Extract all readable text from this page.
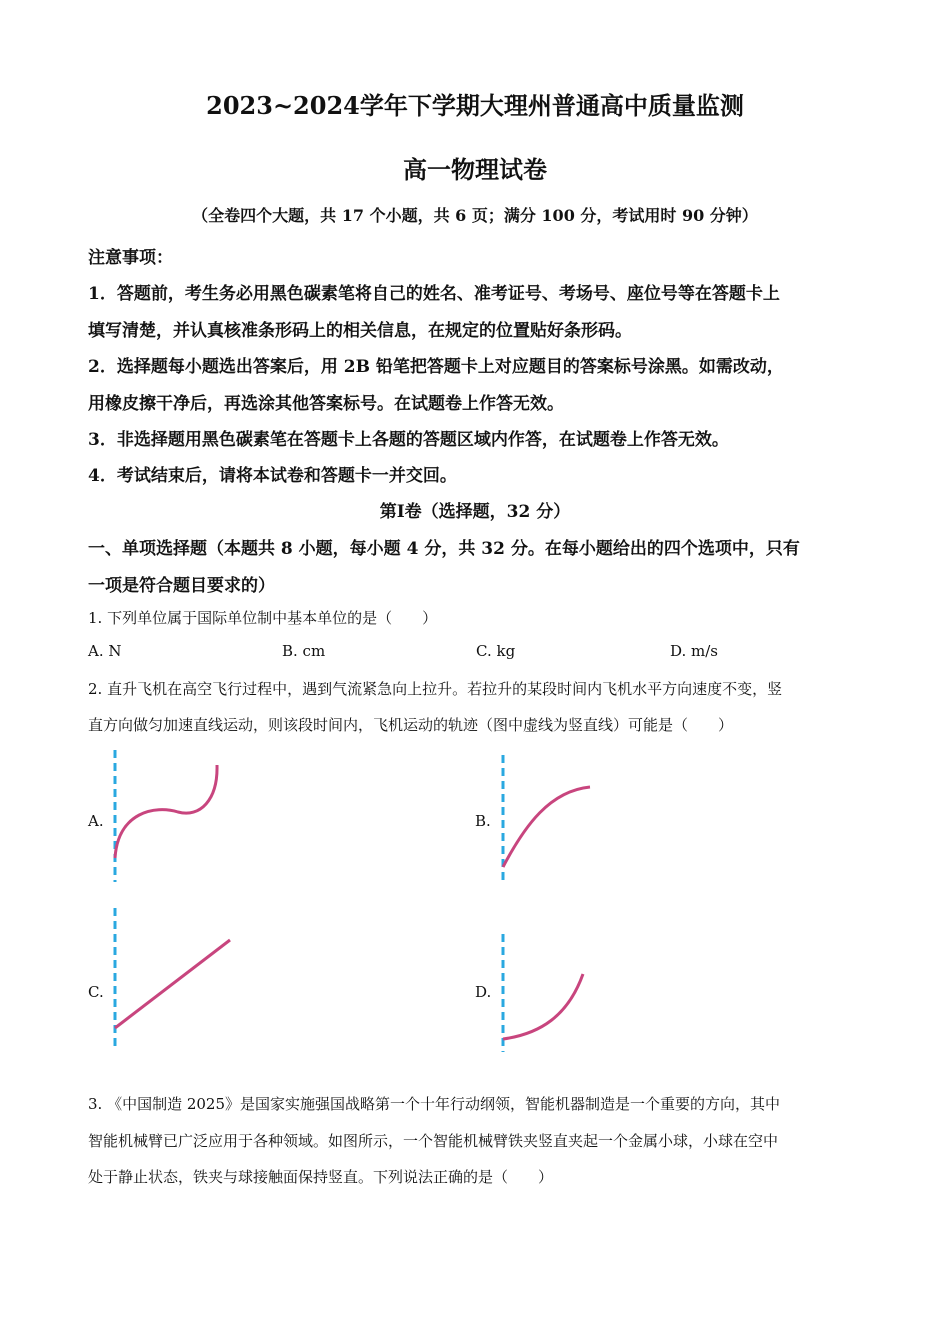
2023~2024学年下学期大理州普通高中质量监测
高一物理试卷
（全卷四个大题，共 17 个小题，共 6 页；满分 100 分，考试用时 90 分钟）
注意事项：
1．答题前，考生务必用黑色碳素笔将自己的姓名、准考证号、考场号、座位号等在答题卡上
填写清楚，并认真核准条形码上的相关信息，在规定的位置贴好条形码。
2．选择题每小题选出答案后，用 2B 铅笔把答题卡上对应题目的答案标号涂黑。如需改动，
用橡皮擦干净后，再选涂其他答案标号。在试题卷上作答无效。
3．非选择题用黑色碳素笔在答题卡上各题的答题区域内作答，在试题卷上作答无效。
4．考试结束后，请将本试卷和答题卡一并交回。
第I卷（选择题，32 分）
一、单项选择题（本题共 8 小题，每小题 4 分，共 32 分。在每小题给出的四个选项中，只有
一项是符合题目要求的）
1. 下列单位属于国际单位制中基本单位的是（　　）
A. N	B. cm	C. kg	D. m/s
2. 直升飞机在高空飞行过程中，遇到气流紧急向上拉升。若拉升的某段时间内飞机水平方向速度不变，竖
直方向做匀加速直线运动，则该段时间内，飞机运动的轨迹（图中虚线为竖直线）可能是（　　）
A.	B.
C.	D.
3. 《中国制造 2025》是国家实施强国战略第一个十年行动纲领，智能机器制造是一个重要的方向，其中
智能机械臂已广泛应用于各种领域。如图所示，一个智能机械臂铁夹竖直夹起一个金属小球，小球在空中
处于静止状态，铁夹与球接触面保持竖直。下列说法正确的是（　　）
